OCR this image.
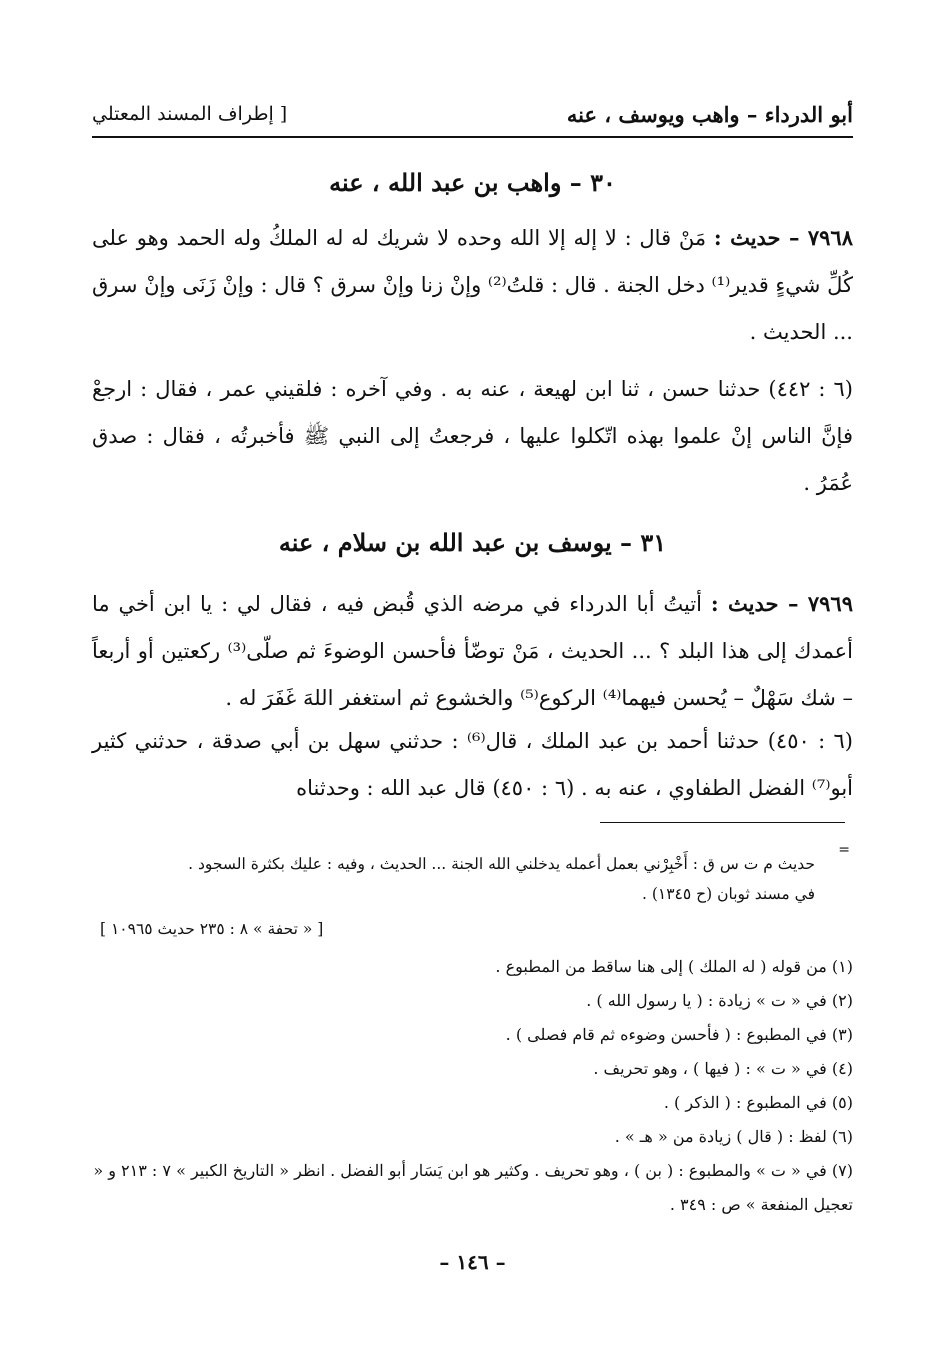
أبو الدرداء – واهب ويوسف ، عنه
[ إطراف المسند المعتلي
٣٠ – واهب بن عبد الله ، عنه
٧٩٦٨ – حديث : مَنْ قال : لا إله إلا الله وحده لا شريك له له الملكُ وله الحمد وهو على كُلِّ شيءٍ قدير⁽¹⁾ دخل الجنة . قال : قلتُ⁽²⁾ وإنْ زنا وإنْ سرق ؟ قال : وإنْ زَنَى وإنْ سرق ... الحديث .
(٦ : ٤٤٢) حدثنا حسن ، ثنا ابن لهيعة ، عنه به . وفي آخره : فلقيني عمر ، فقال : ارجعْ فإنَّ الناس إنْ علموا بهذه اتّكلوا عليها ، فرجعتُ إلى النبي ﷺ فأخبرتُه ، فقال : صدق عُمَرُ .
٣١ – يوسف بن عبد الله بن سلام ، عنه
٧٩٦٩ – حديث : أتيتُ أبا الدرداء في مرضه الذي قُبض فيه ، فقال لي : يا ابن أخي ما أعمدك إلى هذا البلد ؟ ... الحديث ، مَنْ توضّأ فأحسن الوضوءَ ثم صلّى⁽³⁾ ركعتين أو أربعاً – شك سَهْلٌ – يُحسن فيهما⁽⁴⁾ الركوع⁽⁵⁾ والخشوع ثم استغفر اللهَ غَفَرَ له .
(٦ : ٤٥٠) حدثنا أحمد بن عبد الملك ، قال⁽⁶⁾ : حدثني سهل بن أبي صدقة ، حدثني كثير أبو⁽⁷⁾ الفضل الطفاوي ، عنه به . (٦ : ٤٥٠) قال عبد الله : وحدثناه
=
حديث م ت س ق : أَخْبِرْني بعمل أعمله يدخلني الله الجنة ... الحديث ، وفيه : عليك بكثرة السجود .
في مسند ثوبان (ح ١٣٤٥) .
[ « تحفة » ٨ : ٢٣٥ حديث ١٠٩٦٥ ]
(١) من قوله ( له الملك ) إلى هنا ساقط من المطبوع .
(٢) في « ت » زيادة : ( يا رسول الله ) .
(٣) في المطبوع : ( فأحسن وضوءه ثم قام فصلى ) .
(٤) في « ت » : ( فيها ) ، وهو تحريف .
(٥) في المطبوع : ( الذكر ) .
(٦) لفظ : ( قال ) زيادة من « هـ » .
(٧) في « ت » والمطبوع : ( بن ) ، وهو تحريف . وكثير هو ابن يَسَار أبو الفضل . انظر « التاريخ الكبير » ٧ : ٢١٣ و « تعجيل المنفعة » ص : ٣٤٩ .
– ١٤٦ –
